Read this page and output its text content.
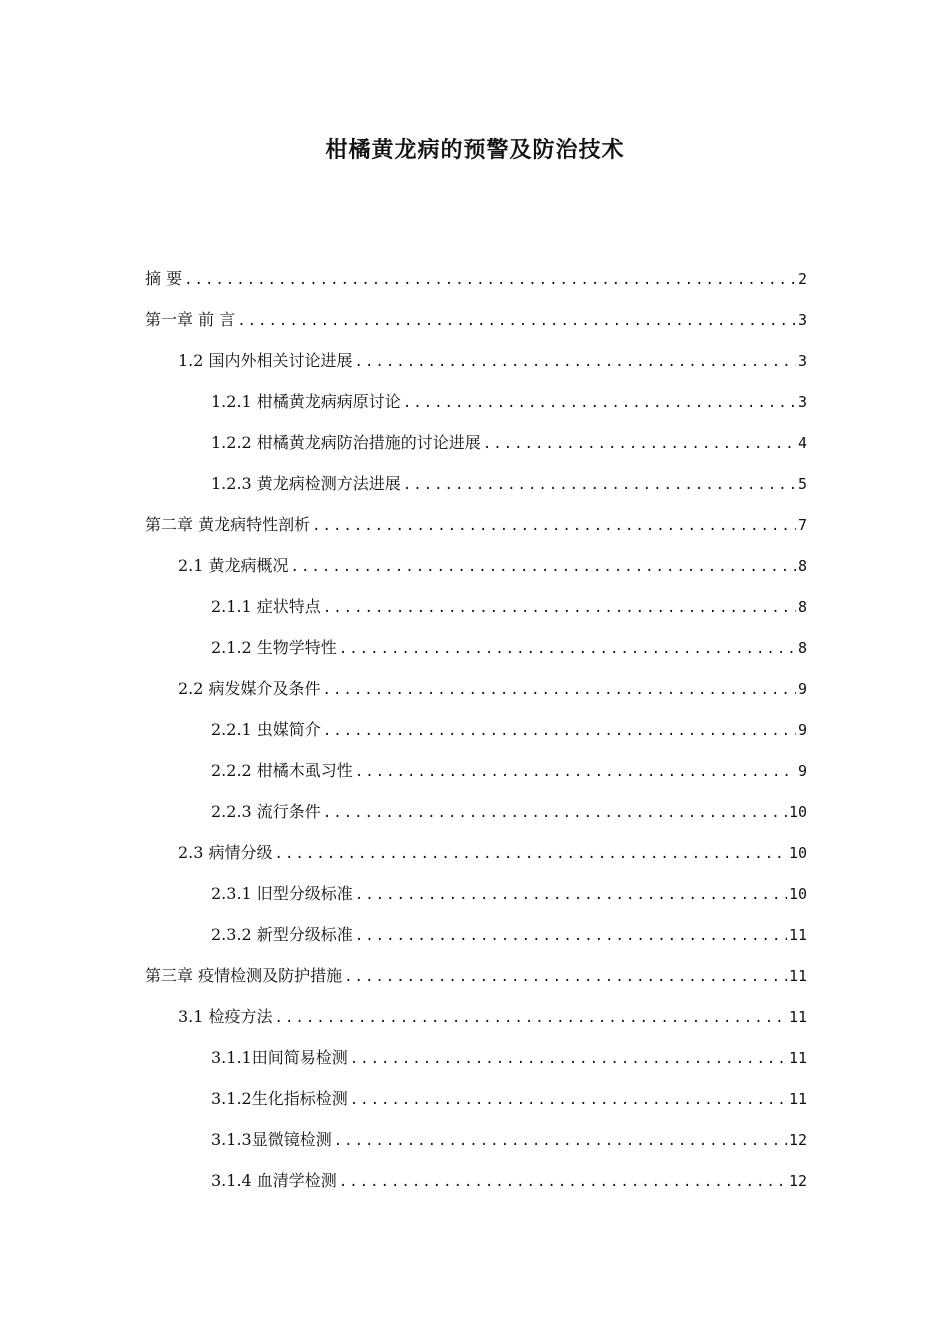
柑橘黄龙病的预警及防治技术
摘 要 .....	2
第一章 前 言 .....	3
1.2 国内外相关讨论进展 .....	3
1.2.1 柑橘黄龙病病原讨论 .....	3
1.2.2 柑橘黄龙病防治措施的讨论进展 .....	4
1.2.3 黄龙病检测方法进展 .....	5
第二章 黄龙病特性剖析 .....	7
2.1 黄龙病概况 .....	8
2.1.1 症状特点 .....	8
2.1.2 生物学特性 .....	8
2.2 病发媒介及条件 .....	9
2.2.1 虫媒简介 .....	9
2.2.2 柑橘木虱习性 .....	9
2.2.3 流行条件 .....	10
2.3 病情分级 .....	10
2.3.1 旧型分级标准 .....	10
2.3.2 新型分级标准 .....	11
第三章 疫情检测及防护措施 .....	11
3.1 检疫方法 .....	11
3.1.1田间简易检测 .....	11
3.1.2生化指标检测 .....	11
3.1.3显微镜检测 .....	12
3.1.4 血清学检测 .....	12
